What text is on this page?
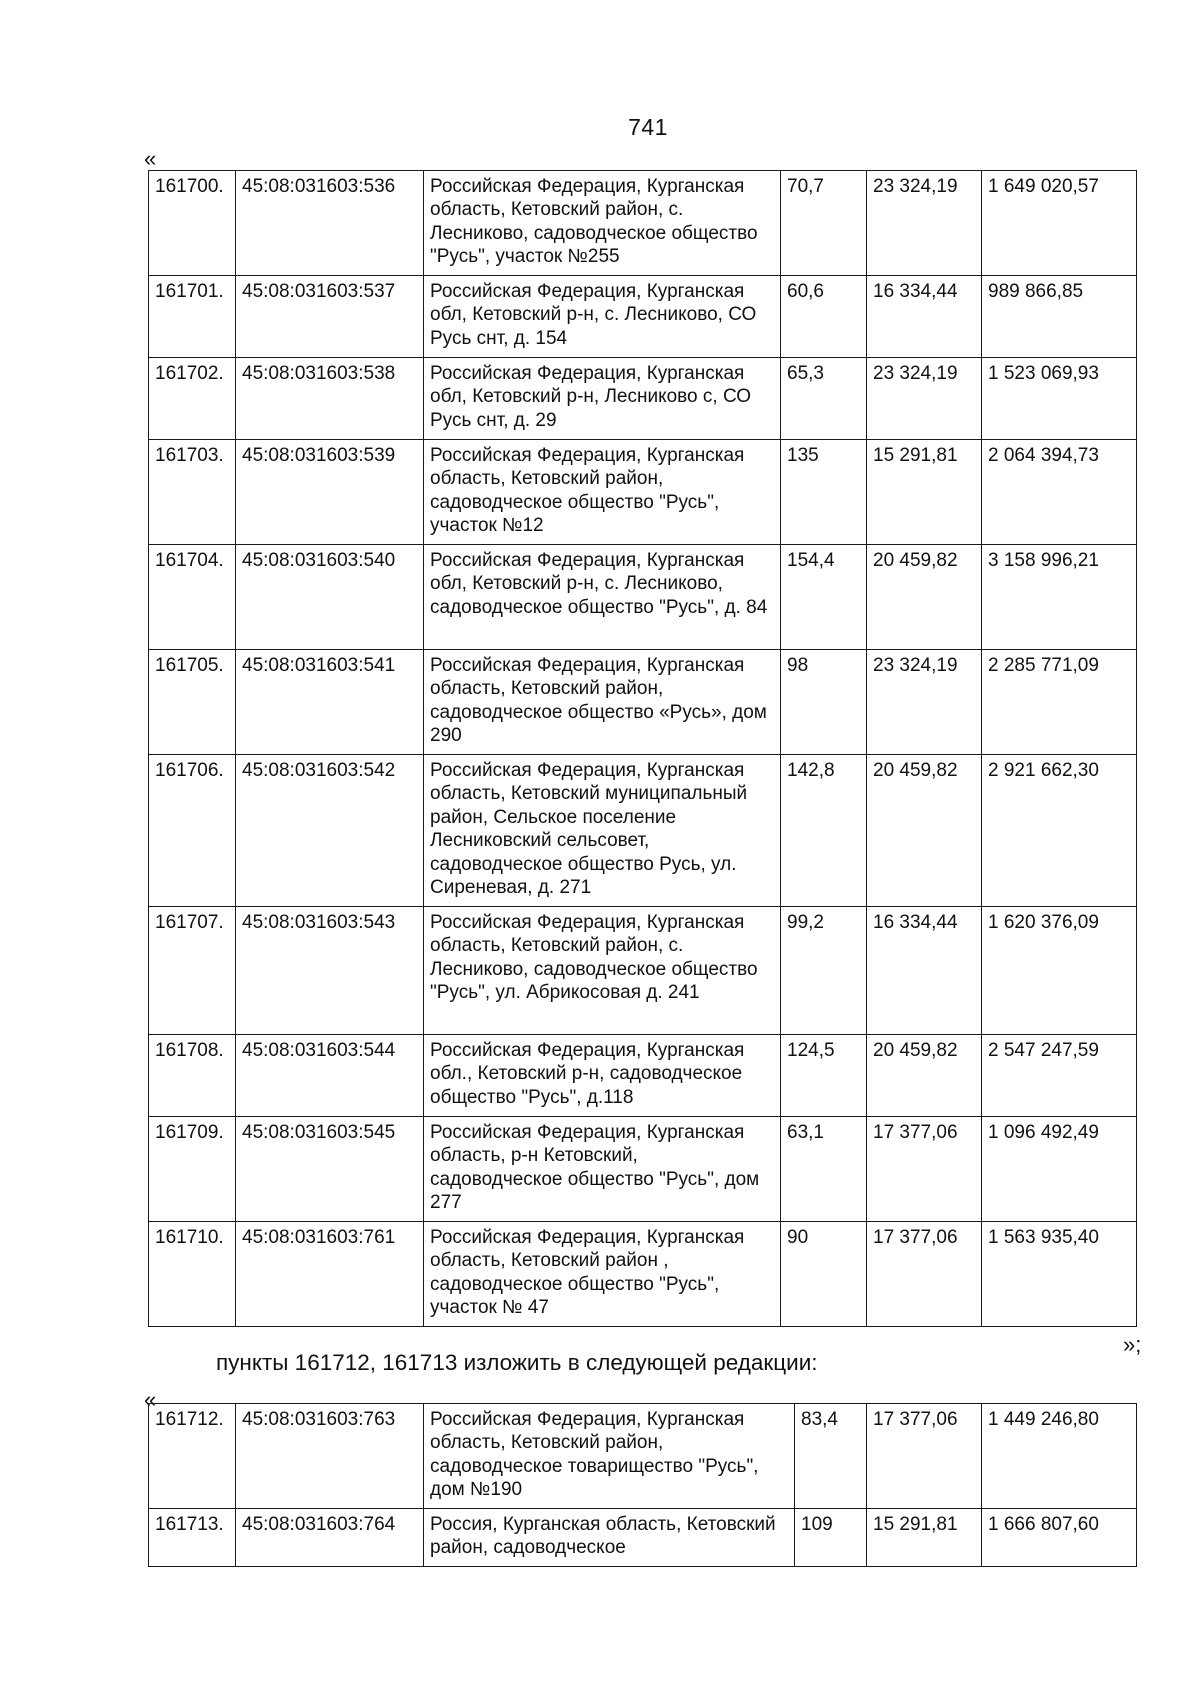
741
«
161700.	45:08:031603:536	Российская Федерация, Курганская область, Кетовский район, с. Лесниково, садоводческое общество "Русь", участок №255	70,7	23 324,19	1 649 020,57

161701.	45:08:031603:537	Российская Федерация, Курганская обл, Кетовский р-н, с. Лесниково, СО Русь снт, д. 154	60,6	16 334,44	989 866,85

161702.	45:08:031603:538	Российская Федерация, Курганская обл, Кетовский р-н, Лесниково с, СО Русь снт, д. 29	65,3	23 324,19	1 523 069,93

161703.	45:08:031603:539	Российская Федерация, Курганская область, Кетовский район, садоводческое общество "Русь", участок №12	135	15 291,81	2 064 394,73

161704.	45:08:031603:540	Российская Федерация, Курганская обл, Кетовский р-н, с. Лесниково, садоводческое общество "Русь", д. 84	154,4	20 459,82	3 158 996,21

161705.	45:08:031603:541	Российская Федерация, Курганская область, Кетовский район, садоводческое общество «Русь», дом 290	98	23 324,19	2 285 771,09

161706.	45:08:031603:542	Российская Федерация, Курганская область, Кетовский муниципальный район, Сельское поселение Лесниковский сельсовет, садоводческое общество Русь, ул. Сиреневая, д. 271	142,8	20 459,82	2 921 662,30

161707.	45:08:031603:543	Российская Федерация, Курганская область, Кетовский район, с. Лесниково, садоводческое общество "Русь", ул. Абрикосовая д. 241	99,2	16 334,44	1 620 376,09

161708.	45:08:031603:544	Российская Федерация, Курганская обл., Кетовский р-н, садоводческое общество "Русь", д.118	124,5	20 459,82	2 547 247,59

161709.	45:08:031603:545	Российская Федерация, Курганская область, р-н Кетовский, садоводческое общество "Русь", дом 277	63,1	17 377,06	1 096 492,49

161710.	45:08:031603:761	Российская Федерация, Курганская область, Кетовский район , садоводческое общество "Русь", участок № 47	90	17 377,06	1 563 935,40
»;
пункты 161712, 161713 изложить в следующей редакции:
«
161712.	45:08:031603:763	Российская Федерация, Курганская область, Кетовский район, садоводческое товарищество "Русь", дом №190	83,4	17 377,06	1 449 246,80

161713.	45:08:031603:764	Россия, Курганская область, Кетовский район, садоводческое	109	15 291,81	1 666 807,60
